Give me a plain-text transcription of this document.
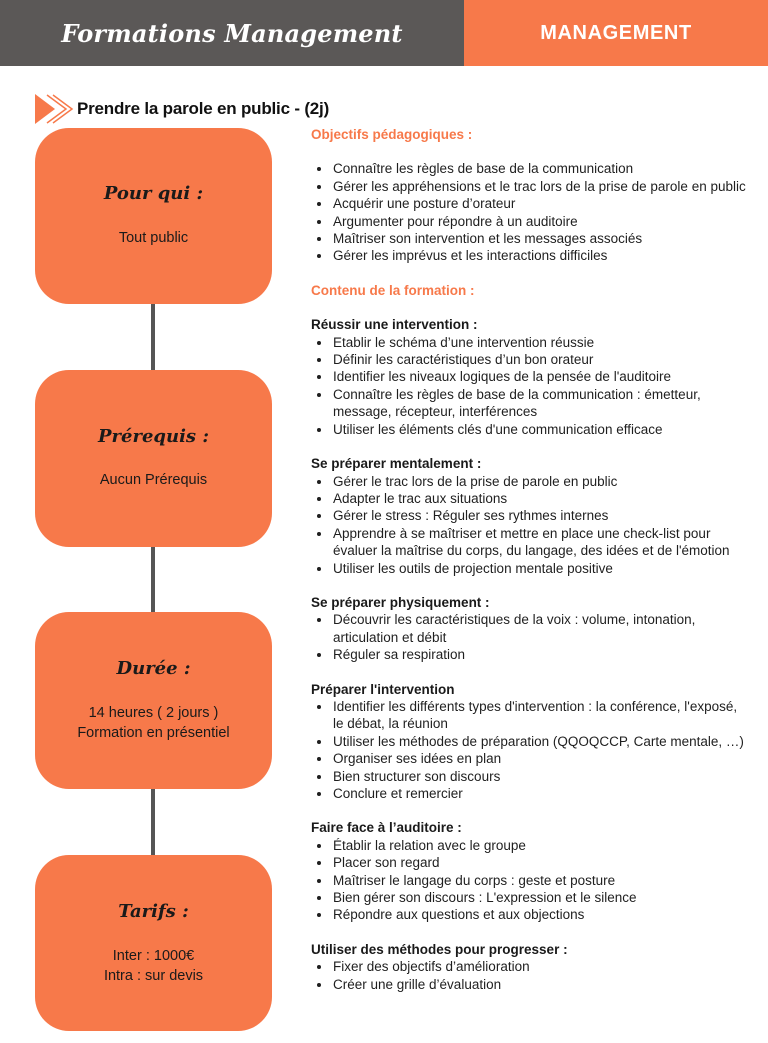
Formations Management	MANAGEMENT
Prendre la parole en public - (2j)
Pour qui :
Tout public
Prérequis :
Aucun Prérequis
Durée :
14 heures ( 2 jours )
Formation en présentiel
Tarifs :
Inter : 1000€
Intra : sur devis
Objectifs pédagogiques :
Connaître les règles de base de la communication
Gérer les appréhensions et le trac lors de la prise de parole en public
Acquérir une posture d’orateur
Argumenter pour répondre à un auditoire
Maîtriser son intervention et les messages associés
Gérer les imprévus et les interactions difficiles
Contenu de la formation :
Réussir une intervention :
Etablir le schéma d’une intervention réussie
Définir les caractéristiques d’un bon orateur
Identifier les niveaux logiques de la pensée de l'auditoire
Connaître les règles de base de la communication : émetteur, message, récepteur, interférences
Utiliser les éléments clés d'une communication efficace
Se préparer mentalement :
Gérer le trac lors de la prise de parole en public
Adapter le trac aux situations
Gérer le stress : Réguler ses rythmes internes
Apprendre à se maîtriser et mettre en place une check-list pour évaluer la maîtrise du corps, du langage, des idées et de l'émotion
Utiliser les outils de projection mentale positive
Se préparer physiquement :
Découvrir les caractéristiques de la voix : volume, intonation, articulation et débit
Réguler sa respiration
Préparer l'intervention
Identifier les différents types d'intervention : la conférence, l'exposé, le débat, la réunion
Utiliser les méthodes de préparation (QQOQCCP, Carte mentale, …)
Organiser ses idées en plan
Bien structurer son discours
Conclure et remercier
Faire face à l’auditoire :
Établir la relation avec le groupe
Placer son regard
Maîtriser le langage du corps : geste et posture
Bien gérer son discours : L'expression et le silence
Répondre aux questions et aux objections
Utiliser des méthodes pour progresser :
Fixer des objectifs d’amélioration
Créer une grille d’évaluation
